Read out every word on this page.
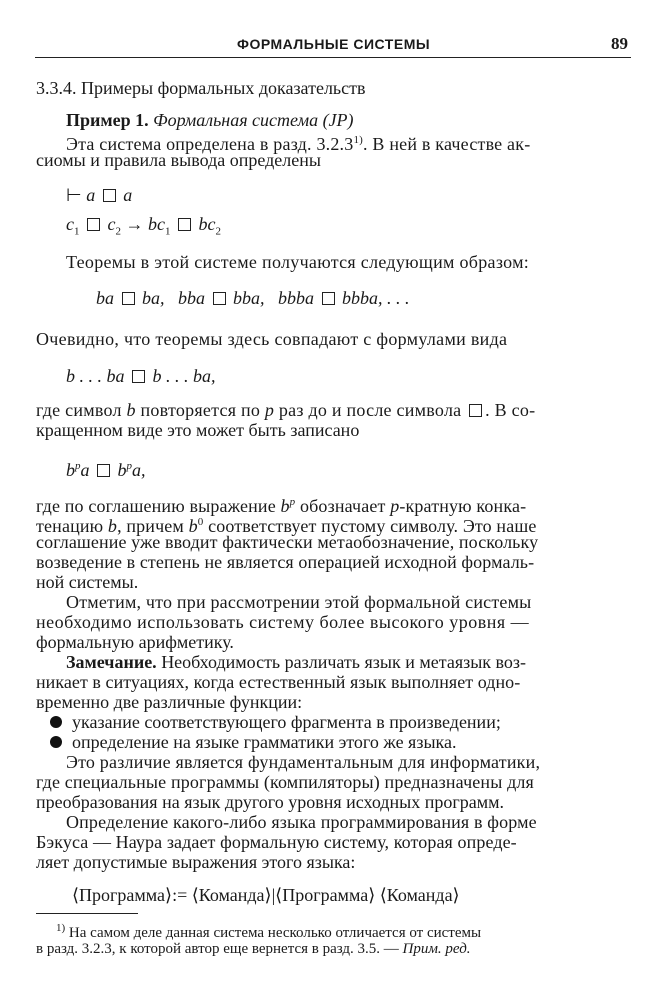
ФОРМАЛЬНЫЕ СИСТЕМЫ	89
3.3.4. Примеры формальных доказательств
Пример 1. Формальная система (JP)
Эта система определена в разд. 3.2.3$^{1)}$. В ней в качестве ак-
сиомы и правила вывода определены
⊢ a a
$c_1$ $c_2 \to bc_1$ $bc_2$
Теоремы в этой системе получаются следующим образом:
ba ba, bba bba, bbba bbba, . . .
Очевидно, что теоремы здесь совпадают с формулами вида
b . . . ba b . . . ba,
где символ b повторяется по p раз до и после символа . В со-
кращенном виде это может быть записано
$b^pa$ $b^pa$,
где по соглашению выражение $b^p$ обозначает p-кратную конка-
тенацию b, причем $b^0$ соответствует пустому символу. Это наше
соглашение уже вводит фактически метаобозначение, поскольку
возведение в степень не является операцией исходной формаль-
ной системы.
Отметим, что при рассмотрении этой формальной системы
необходимо использовать систему более высокого уровня —
формальную арифметику.
Замечание. Необходимость различать язык и метаязык воз-
никает в ситуациях, когда естественный язык выполняет одно-
временно две различные функции:
указание соответствующего фрагмента в произведении;
определение на языке грамматики этого же языка.
Это различие является фундаментальным для информатики,
где специальные программы (компиляторы) предназначены для
преобразования на язык другого уровня исходных программ.
Определение какого-либо языка программирования в форме
Бэкуса — Наура задает формальную систему, которая опреде-
ляет допустимые выражения этого языка:
⟨Программа⟩:= ⟨Команда⟩|⟨Программа⟩ ⟨Команда⟩
$^{1)}$ На самом деле данная система несколько отличается от системы
в разд. 3.2.3, к которой автор еще вернется в разд. 3.5. — Прим. ред.
